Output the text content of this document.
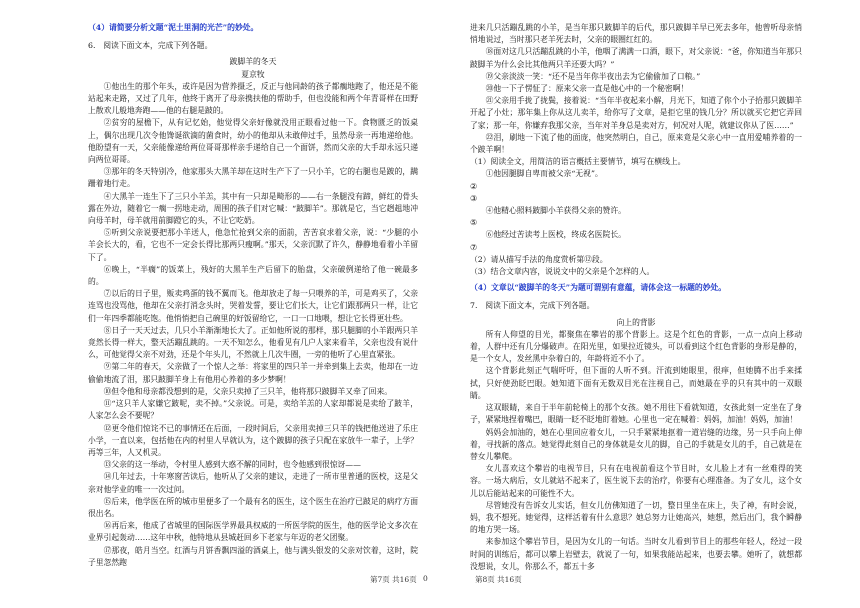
（4）请简要分析文题“泥土里洞的光芒”的妙处。

6.　阅读下面文本，完成下列各题。

跛脚羊的冬天

夏京牧

①他出生的那个年头，或许是因为营养摄乏，反正与他同龄的孩子都瘸地跑了，他还是不能站起来走路，又过了几年，他终于离开了母亲携扶他的帮助手，但也没能和两个年青哥样在田野上散欢儿般地奔跑——他的右腿是跛的。

②贫穷的屋檐下，从有记忆始，他觉得父亲好像就没用正眼看过他一下。食物匮乏的饭桌上，偶尔出现几次令他馋诞欲滴的菌食时，幼小的他却从未敢伸过手，虽然母亲一再地递给他。他盼望有一天，父亲能像递给两位哥哥那样亲手递给自己一个面饼，然而父亲的大手却永远只递向两位哥哥。

③那年的冬天特别冷，他家那头大黑羊却在这时生产下了一只小羊，它的右腿也是跛的，蹒跚着地行走。

④大黑羊一连生下了三只小羊羔，其中有一只却是畸形的——右一条腿没有蹄，鲜红的骨头露在外边，随着它一瘸一拐地走动，周围的孩子们对它喊：“跛脚羊”。那就是它，当它趔趄地冲向母羊时，母羊就用前脚蹬它的头，不让它吃奶。

⑤听到父亲说要把那小羊送人，他急忙抢到父亲的面前，苦苦哀求着父亲，说：“少腿的小羊会长大的，看，它也不一定会长得比那两只瘦啊。”那天，父亲沉默了许久，静静地看着小羊留下了。

⑥晚上，“半瘸”的饭菜上，残好的大黑羊生产后留下的胎盘，父亲破例递给了他一碗最多的。

⑦以后的日子里，贩卖鸡蛋的钱不翼而飞。他却放走了每一只喂养的羊，可是鸡买了，父亲连骂也没骂他，他却在父亲打消念头时，哭着发誓，要让它们长大，让它们跟那两只一样，让它们一年四季都能吃饱。他悄悄把自己碗里的好饭留给它，一口一口地喂，想让它长得更壮些。

⑧日子一天天过去，几只小羊渐渐地长大了。正如他所说的那样，那只腿脚的小羊跟两只羊竟然长得一样大，整天活蹦乱跳的。一天不知怎么，他看见有几户人家来看羊，父亲也没有说什么，可他觉得父亲不对劲，还是个年头儿，不然就上几次牛圈，一旁的他听了心里直紧张。

⑨第二年的春天，父亲做了一个惊人之举：将家里的四只羊一并牵到集上去卖，他却在一边偷偷地流了泪，那只跛脚羊身上有他用心养着的多少梦啊！

⑩但令他和母亲都没想到的是，父亲只卖掉了三只羊，他将那只跛脚羊又牵了回来。

⑪“这只羊人家嫌它跛呢，卖不掉。”父亲说。可是，卖给羊羔的人家却都说是卖给了跛羊，人家怎么会不要呢？

⑫更令他们惊诧不已的事情还在后面，一段时间后，父亲用卖掉三只羊的钱把他送进了乐庄小学，一直以来，包括他在内的村里人早就认为，这个跛脚的孩子只配在家放牛一辈子，上学？再等三年，人又机灵。

⑬父亲的这一举动，令村里人感到大惑不解的同时，也令他感到很惊讶——

⑭几年过去，十年寒窗苦读后，他听从了父亲的建议，走进了一所市里普通的医校，这是父亲对他学业的唯一一次过问。

⑮后来，他学医在所的城市里便多了一个最有名的医生，这个医生在治疗已跛足的病疗方面很出名。

⑯再后来，他成了省城里的国际医学界最具权威的一所医学院的医生，他的医学论文多次在业界引起轰动……这年中秋，他特地从县城赶回乡下老家与年迈的老父团聚。

⑰那夜，皓月当空。红酒与月饼香飘四溢的酒桌上，他与满头银发的父亲对饮着，这时，院子里忽然跑

进来几只活蹦乱跳的小羊，是当年那只跛脚羊的后代，那只跛脚羊早已死去多年，他曾听母亲悄悄地说过，当时那只老羊死去时，父亲的眼圈红红的。

⑱面对这几只活蹦乱跳的小羊，他咽了满满一口酒，眼下，对父亲说：“爸，你知道当年那只跛脚羊为什么会比其他两只羊还要大吗？”

⑲父亲淡淡一笑：“还不是当年你半夜出去为它偷偷加了口粮。”

⑳他一下子愣怔了：原来父亲一直是他心中的一个秘密啊！

㉑父亲用手拢了拢鬓，接着说：“当年半夜起来小解，月光下，知道了你个小子拾那只跛脚羊开起了小灶；那年集上你从这儿卖羊，给你写了文章，是拒它里的钱几分？所以就买它把它弄回了家；那一年，你嫌弃我那父亲，当年对羊身总是卖对方，何况对人呢，就建议你从了医……”

㉒泪，刷地一下流了他的面庞，他突然明白，自己，原来竟是父亲心中一直用爱哺养着的一个跛羊啊！

（1）阅读全文，用简洁的语言概括主要情节，填写在横线上。

①他因腿脚自卑而被父亲“无视”。

②

③

④他精心照料跛脚小羊获得父亲的赞许。

⑤

⑥他经过苦读考上医校，终成名医院长。

⑦

（2）请从描写手法的角度赏析第⑫段。

（3）结合文章内容，说说文中的父亲是个怎样的人。

（4）文章以“跛脚羊的冬天”为题可谓别有意蕴，请体会这一标题的妙处。

7.　阅读下面文本，完成下列各题。

向上的背影

所有人仰望的目光，都聚焦在攀岩的那个背影上。这是个红色的背影，一点一点向上移动着，人群中还有几分爆破声。在阳光里，如果拉近镜头，可以看到这个红色背影的身形是静的，是一个女人，发丝黑中杂着白的，年龄将近不小了。

这个背影此刻正气喘吁吁，但下面的人听不到。汗流到她眼里，很痒，但她腾不出手来揉拭，只好使劲眨巴眼。她知道下面有无数双目光在注视自己，而她最在乎的只有其中的一双眼睛。

这双眼睛，来自于半年前轮椅上的那个女孩。她不用往下看就知道，女孩此刻一定坐在了身子，紧紧地捏着嘴巴，眼睛一眨不眨地盯着她。心里也一定在喊着：妈妈，加油！妈妈，加油！

妈妈会加油的，她在心里回应着女儿，一只手紧紧地抠着一道岩缝的边缘，另一只手向上伸着，寻找新的落点。她觉得此刻自己的身体就是女儿的脚，自己的手就是女儿的手，自己就是在替女儿攀爬。

女儿喜欢这个攀岩的电视节目，只有在电视前看这个节目时，女儿脸上才有一丝难得的笑容。一场大病后，女儿就站不起来了，医生说下去的治疗，你要有心理准备。为了女儿，这个女儿以后能站起来的可能性不大。

尽管她没有告诉女儿实话，但女儿仿佛知道了一切，整日里坐在床上，失了神，有时会说，妈，我不想死。她觉得，这样活着有什么意思？她总努力让她高兴，她想，然后出门，我个瞬静的地方哭一场。

来参加这个攀岩节目，是因为女儿的一句话。当时女儿看到节目上的那些年轻人，经过一段时间的训练后，都可以攀上岩壁去，就说了一句，如果我能站起来，也要去攀。她听了，就想都没想说，女儿，你那么不，都五十多

第7页 共16页 0	第8页 共16页
